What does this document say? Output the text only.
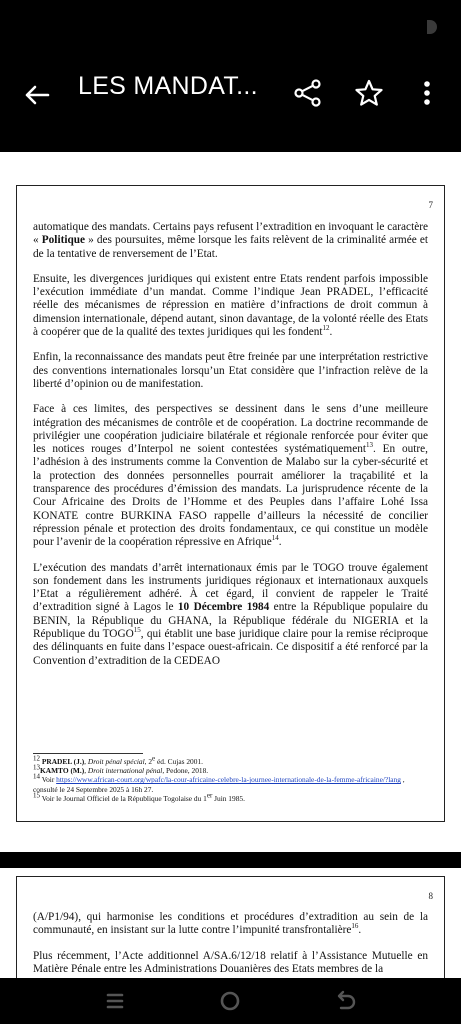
LES MANDAT...
7

automatique des mandats. Certains pays refusent l’extradition en invoquant le caractère « Politique » des poursuites, même lorsque les faits relèvent de la criminalité armée et de la tentative de renversement de l’Etat.

Ensuite, les divergences juridiques qui existent entre Etats rendent parfois impossible l’exécution immédiate d’un mandat. Comme l’indique Jean PRADEL, l’efficacité réelle des mécanismes de répression en matière d’infractions de droit commun à dimension internationale, dépend autant, sinon davantage, de la volonté réelle des Etats à coopérer que de la qualité des textes juridiques qui les fondent$^{12}$.

Enfin, la reconnaissance des mandats peut être freinée par une interprétation restrictive des conventions internationales lorsqu’un Etat considère que l’infraction relève de la liberté d’opinion ou de manifestation.

Face à ces limites, des perspectives se dessinent dans le sens d’une meilleure intégration des mécanismes de contrôle et de coopération. La doctrine recommande de privilégier une coopération judiciaire bilatérale et régionale renforcée pour éviter que les notices rouges d’Interpol ne soient contestées systématiquement$^{13}$. En outre, l’adhésion à des instruments comme la Convention de Malabo sur la cyber-sécurité et la protection des données personnelles pourrait améliorer la traçabilité et la transparence des procédures d’émission des mandats. La jurisprudence récente de la Cour Africaine des Droits de l’Homme et des Peuples dans l’affaire Lohé Issa KONATE contre BURKINA FASO rappelle d’ailleurs la nécessité de concilier répression pénale et protection des droits fondamentaux, ce qui constitue un modèle pour l’avenir de la coopération répressive en Afrique$^{14}$.

L’exécution des mandats d’arrêt internationaux émis par le TOGO trouve également son fondement dans les instruments juridiques régionaux et internationaux auxquels l’Etat a régulièrement adhéré. À cet égard, il convient de rappeler le Traité d’extradition signé à Lagos le 10 Décembre 1984 entre la République populaire du BENIN, la République du GHANA, la République fédérale du NIGERIA et la République du TOGO$^{15}$, qui établit une base juridique claire pour la remise réciproque des délinquants en fuite dans l’espace ouest-africain. Ce dispositif a été renforcé par la Convention d’extradition de la CEDEAO

$^{12}$ PRADEL (J.), Droit pénal spécial, 2e éd. Cujas 2001.
$^{13}$KAMTO (M.), Droit international pénal, Pedone, 2018.
$^{14}$ Voir https://www.african-court.org/wpafc/la-cour-africaine-celebre-la-journee-internationale-de-la-femme-africaine/?lang , consulté le 24 Septembre 2025 à 16h 27.
$^{15}$ Voir le Journal Officiel de la République Togolaise du 1er Juin 1985.
8

(A/P1/94), qui harmonise les conditions et procédures d’extradition au sein de la communauté, en insistant sur la lutte contre l’impunité transfrontalière$^{16}$.

Plus récemment, l’Acte additionnel A/SA.6/12/18 relatif à l’Assistance Mutuelle en Matière Pénale entre les Administrations Douanières des Etats membres de la
